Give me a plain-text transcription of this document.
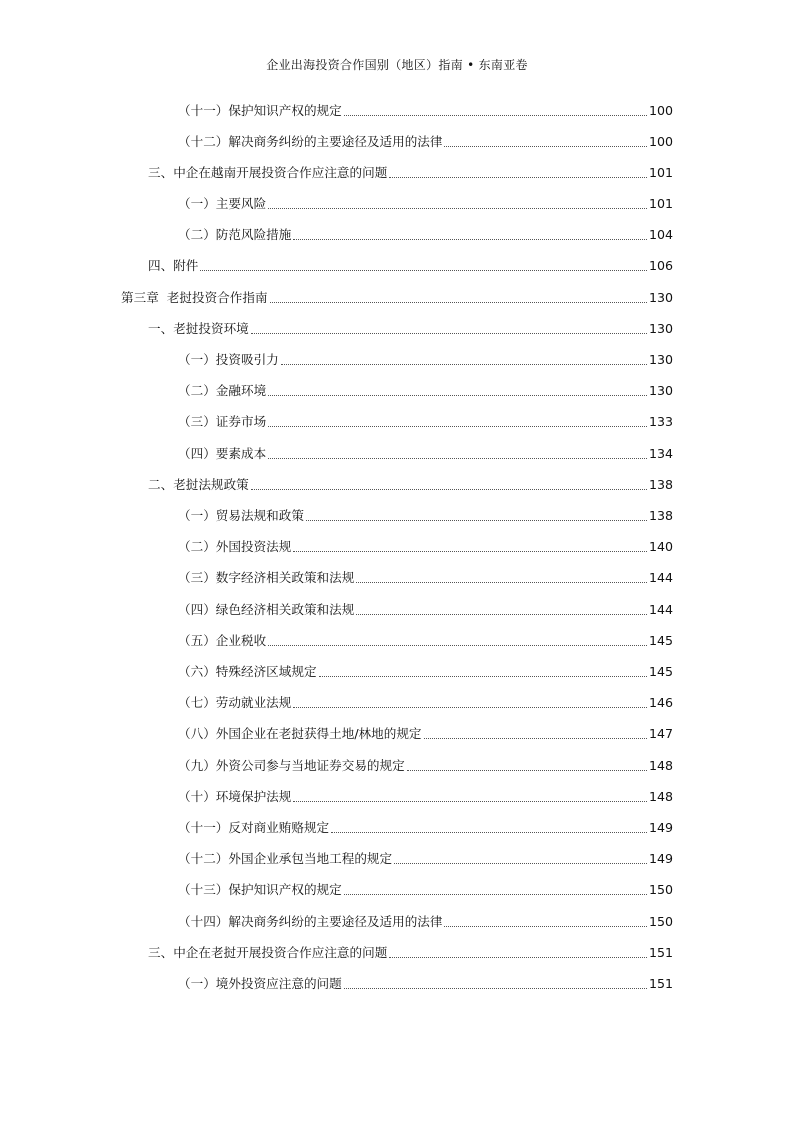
企业出海投资合作国别（地区）指南 • 东南亚卷
（十一）保护知识产权的规定	100
（十二）解决商务纠纷的主要途径及适用的法律	100
三、中企在越南开展投资合作应注意的问题	101
（一）主要风险	101
（二）防范风险措施	104
四、附件	106
第三章  老挝投资合作指南	130
一、老挝投资环境	130
（一）投资吸引力	130
（二）金融环境	130
（三）证券市场	133
（四）要素成本	134
二、老挝法规政策	138
（一）贸易法规和政策	138
（二）外国投资法规	140
（三）数字经济相关政策和法规	144
（四）绿色经济相关政策和法规	144
（五）企业税收	145
（六）特殊经济区域规定	145
（七）劳动就业法规	146
（八）外国企业在老挝获得土地/林地的规定	147
（九）外资公司参与当地证券交易的规定	148
（十）环境保护法规	148
（十一）反对商业贿赂规定	149
（十二）外国企业承包当地工程的规定	149
（十三）保护知识产权的规定	150
（十四）解决商务纠纷的主要途径及适用的法律	150
三、中企在老挝开展投资合作应注意的问题	151
（一）境外投资应注意的问题	151
